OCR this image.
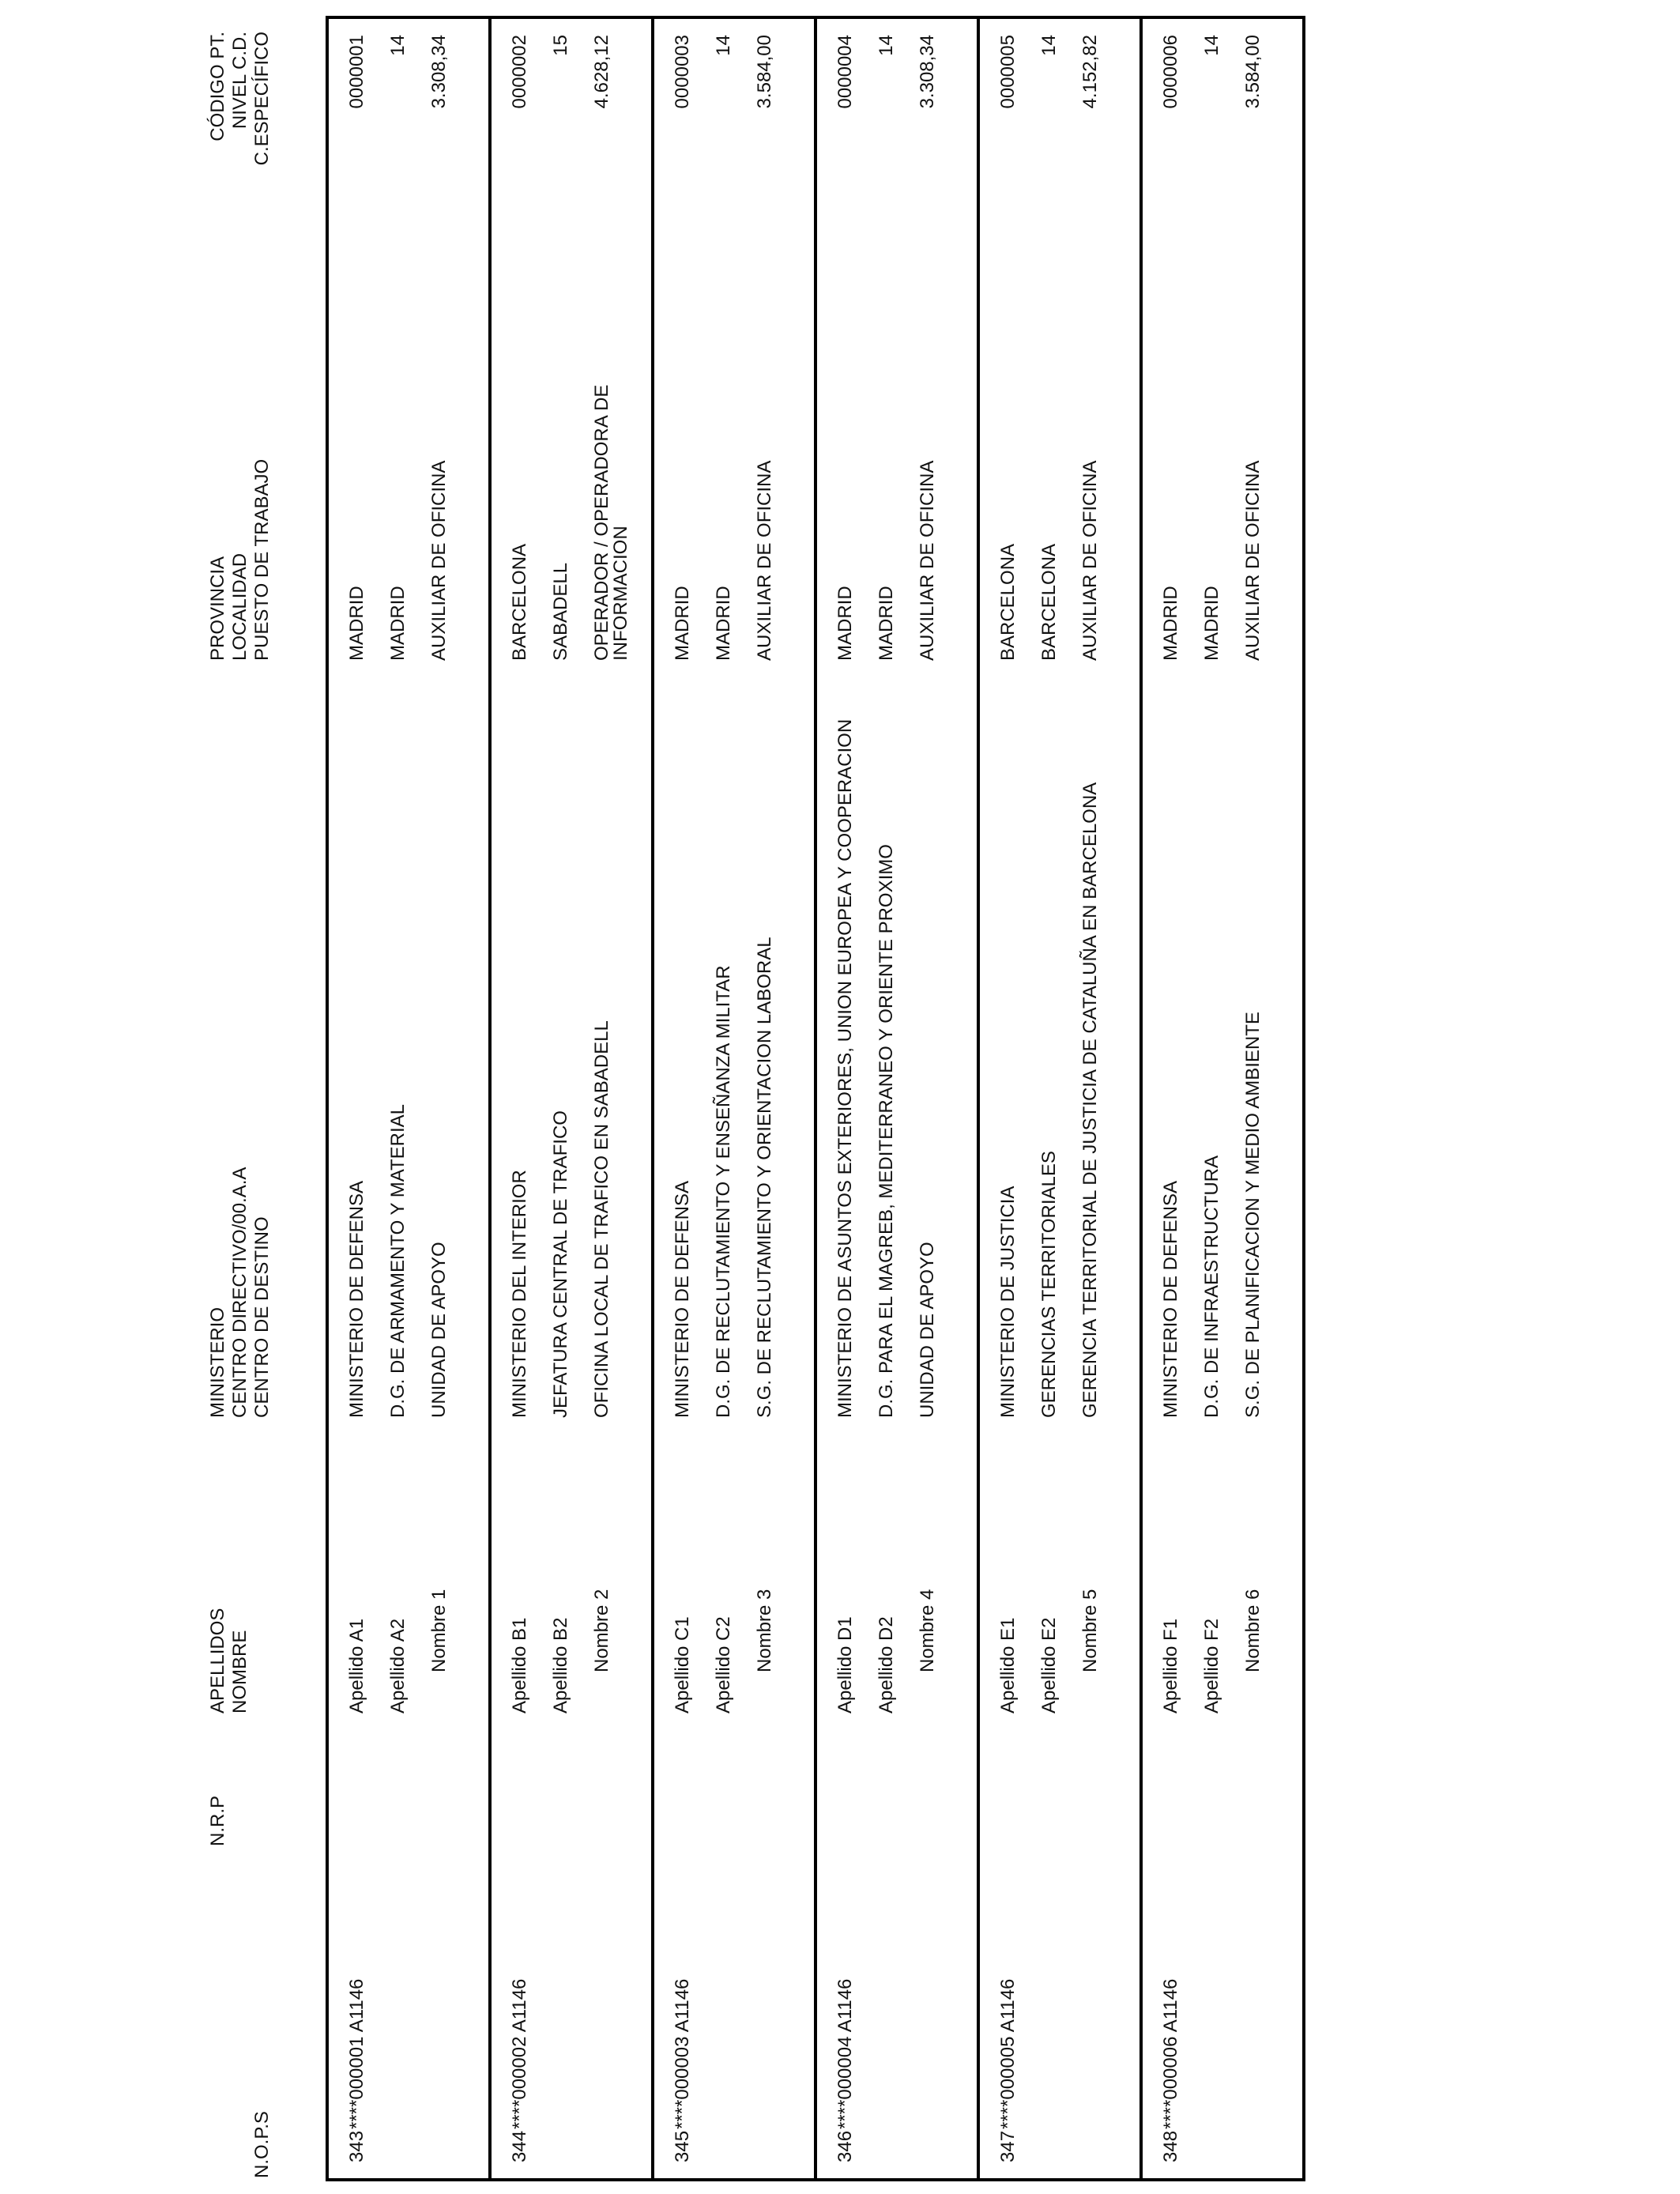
N.O.P.S
N.R.P
APELLIDOS NOMBRE
MINISTERIO CENTRO DIRECTIVO/00.A.A CENTRO DE DESTINO
PROVINCIA LOCALIDAD PUESTO DE TRABAJO
CÓDIGO PT. NIVEL C.D. C.ESPECÍFICO
343
****000001 A1146
Apellido A1 Apellido A2 Nombre 1
MINISTERIO DE DEFENSA D.G. DE ARMAMENTO Y MATERIAL UNIDAD DE APOYO
MADRID MADRID AUXILIAR DE OFICINA
0000001 14 3.308,34
344
****000002 A1146
Apellido B1 Apellido B2 Nombre 2
MINISTERIO DEL INTERIOR JEFATURA CENTRAL DE TRAFICO OFICINA LOCAL DE TRAFICO EN SABADELL
BARCELONA SABADELL OPERADOR / OPERADORA DE
INFORMACION
0000002 15 4.628,12
345
****000003 A1146
Apellido C1 Apellido C2 Nombre 3
MINISTERIO DE DEFENSA D.G. DE RECLUTAMIENTO Y ENSEÑANZA MILITAR S.G. DE RECLUTAMIENTO Y ORIENTACION LABORAL
MADRID MADRID AUXILIAR DE OFICINA
0000003 14 3.584,00
346
****000004 A1146
Apellido D1 Apellido D2 Nombre 4
MINISTERIO DE ASUNTOS EXTERIORES, UNION EUROPEA Y COOPERACION D.G. PARA EL MAGREB, MEDITERRANEO Y ORIENTE PROXIMO UNIDAD DE APOYO
MADRID MADRID AUXILIAR DE OFICINA
0000004 14 3.308,34
347
****000005 A1146
Apellido E1 Apellido E2 Nombre 5
MINISTERIO DE JUSTICIA GERENCIAS TERRITORIALES GERENCIA TERRITORIAL DE JUSTICIA DE CATALUÑA EN BARCELONA
BARCELONA BARCELONA AUXILIAR DE OFICINA
0000005 14 4.152,82
348
****000006 A1146
Apellido F1 Apellido F2 Nombre 6
MINISTERIO DE DEFENSA D.G. DE INFRAESTRUCTURA S.G. DE PLANIFICACION Y MEDIO AMBIENTE
MADRID MADRID AUXILIAR DE OFICINA
0000006 14 3.584,00
